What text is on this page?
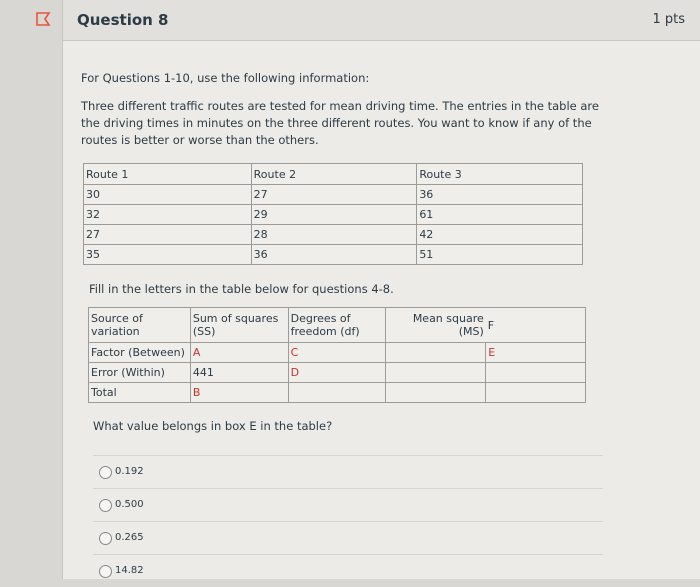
Question 8	1 pts
For Questions 1-10, use the following information:
Three different traffic routes are tested for mean driving time. The entries in the table are the driving times in minutes on the three different routes. You want to know if any of the routes is better or worse than the others.
Route 1	Route 2	Route 3
30	27	36
32	29	61
27	28	42
35	36	51
Fill in the letters in the table below for questions 4-8.
Source of variation	Sum of squares (SS)	Degrees of freedom (df)	Mean square (MS)	F
Factor (Between)	A	C		E
Error (Within)	441	D		
Total	B			
What value belongs in box E in the table?
0.192
0.500
0.265
14.82
